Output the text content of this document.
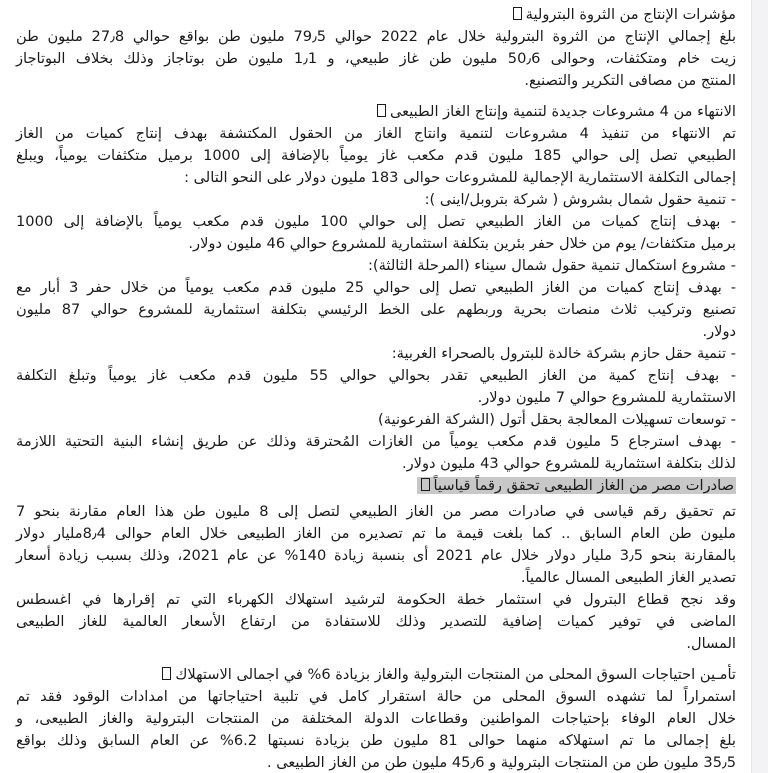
مؤشرات الإنتاج من الثروة البترولية

بلغ إجمالي الإنتاج من الثروة البترولية خلال عام 2022 حوالي 79٫5 مليون طن بواقع حوالي 27٫8 مليون طن
زيت خام ومتكثفات، وحوالى 50٫6 مليون طن غاز طبيعي، و 1٫1 مليون طن بوتاجاز وذلك بخلاف البوتاجاز
المنتج من مصافى التكرير والتصنيع.

الانتهاء من 4 مشروعات جديدة لتنمية وإنتاج الغاز الطبيعى

تم الانتهاء من تنفيذ 4 مشروعات لتنمية وانتاج الغاز من الحقول المكتشفة بهدف إنتاج كميات من الغاز
الطبيعي تصل إلى حوالي 185 مليون قدم مكعب غاز يومياً بالإضافة إلى 1000 برميل متكثفات يومياً، ويبلغ
إجمالى التكلفة الاستثمارية الإجمالية للمشروعات حوالى 183 مليون دولار على النحو التالى :
- تنمية حقول شمال بشروش ( شركة بتروبل/اينى ):
- بهدف إنتاج كميات من الغاز الطبيعي تصل إلى حوالي 100 مليون قدم مكعب يومياً بالإضافة إلى 1000
برميل متكثفات/ يوم من خلال حفر بئرين بتكلفة استثمارية للمشروع حوالي 46 مليون دولار.
- مشروع استكمال تنمية حقول شمال سيناء (المرحلة الثالثة):
- بهدف إنتاج كميات من الغاز الطبيعي تصل إلى حوالي 25 مليون قدم مكعب يومياً من خلال حفر 3 أبار مع
تصنيع وتركيب ثلاث منصات بحرية وربطهم على الخط الرئيسي بتكلفة استثمارية للمشروع حوالي 87 مليون
دولار.
- تنمية حقل حازم بشركة خالدة للبترول بالصحراء الغربية:
- بهدف إنتاج كمية من الغاز الطبيعي تقدر بحوالي حوالي 55 مليون قدم مكعب غاز يومياً وتبلغ التكلفة
الاستثمارية للمشروع حوالي 7 مليون دولار.
- توسعات تسهيلات المعالجة بحقل أتول (الشركة الفرعونية)
- بهدف استرجاع 5 مليون قدم مكعب يومياً من الغازات المُحترقة وذلك عن طريق إنشاء البنية التحتية اللازمة
لذلك بتكلفة استثمارية للمشروع حوالي 43 مليون دولار.

صادرات مصر من الغاز الطبيعى تحقق رقماً قياسياً

تم تحقيق رقم قياسى في صادرات مصر من الغاز الطبيعي لتصل إلى 8 مليون طن هذا العام مقارنة بنحو 7
مليون طن العام السابق .. كما بلغت قيمة ما تم تصديره من الغاز الطبيعى خلال العام حوالى 8٫4مليار دولار
بالمقارنة بنحو 3٫5 مليار دولار خلال عام 2021 أى بنسبة زيادة 140% عن عام 2021، وذلك بسبب زيادة أسعار
تصدير الغاز الطبيعى المسال عالمياً.
وقد نجح قطاع البترول في استثمار خطة الحكومة لترشيد استهلاك الكهرباء التي تم إقرارها في اغسطس
الماضى في توفير كميات إضافية للتصدير وذلك للاستفادة من ارتفاع الأسعار العالمية للغاز الطبيعى
المسال.

تأمـين احتياجات السوق المحلى من المنتجات البترولية والغاز بزيادة 6% في اجمالى الاستهلاك

استمراراً لما تشهده السوق المحلى من حالة استقرار كامل في تلبية احتياجاتها من امدادات الوقود فقد تم
خلال العام الوفاء بإحتياجات المواطنين وقطاعات الدولة المختلفة من المنتجات البترولية والغاز الطبيعى، و
بلغ إجمالى ما تم استهلاكه منهما حوالى 81 مليون طن بزيادة نسبتها 6.2% عن العام السابق وذلك بواقع
35٫5 مليون طن من المنتجات البترولية و 45٫6 مليون طن من الغاز الطبيعى .
